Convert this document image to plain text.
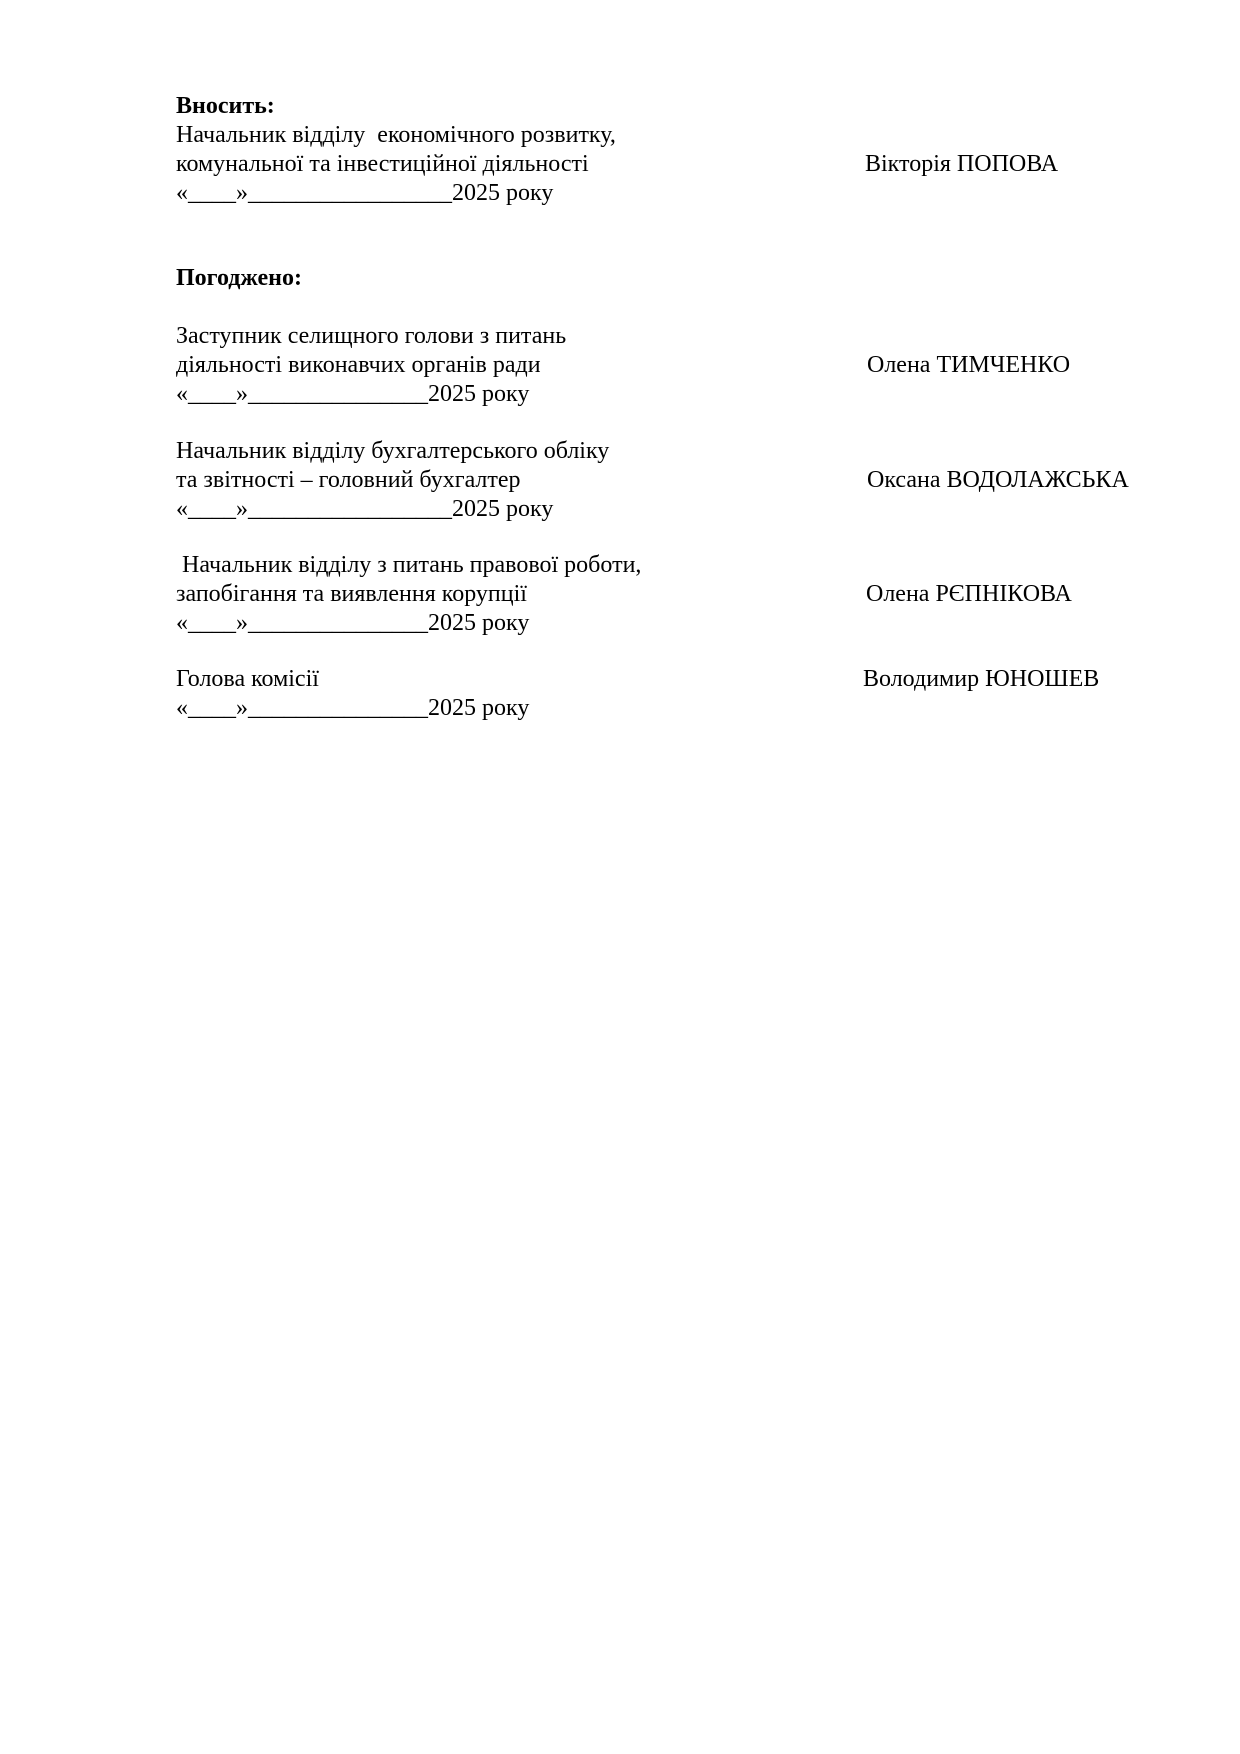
Вносить:

Начальник відділу  економічного розвитку,

комунальної та інвестиційної діяльності	Вікторія ПОПОВА

«____»_________________2025 року

Погоджено:

Заступник селищного голови з питань

діяльності виконавчих органів ради	Олена ТИМЧЕНКО

«____»_______________2025 року

Начальник відділу бухгалтерського обліку

та звітності – головний бухгалтер	Оксана ВОДОЛАЖСЬКА

«____»_________________2025 року

Начальник відділу з питань правової роботи,

запобігання та виявлення корупції	Олена РЄПНІКОВА

«____»_______________2025 року

Голова комісії	Володимир ЮНОШЕВ

«____»_______________2025 року
